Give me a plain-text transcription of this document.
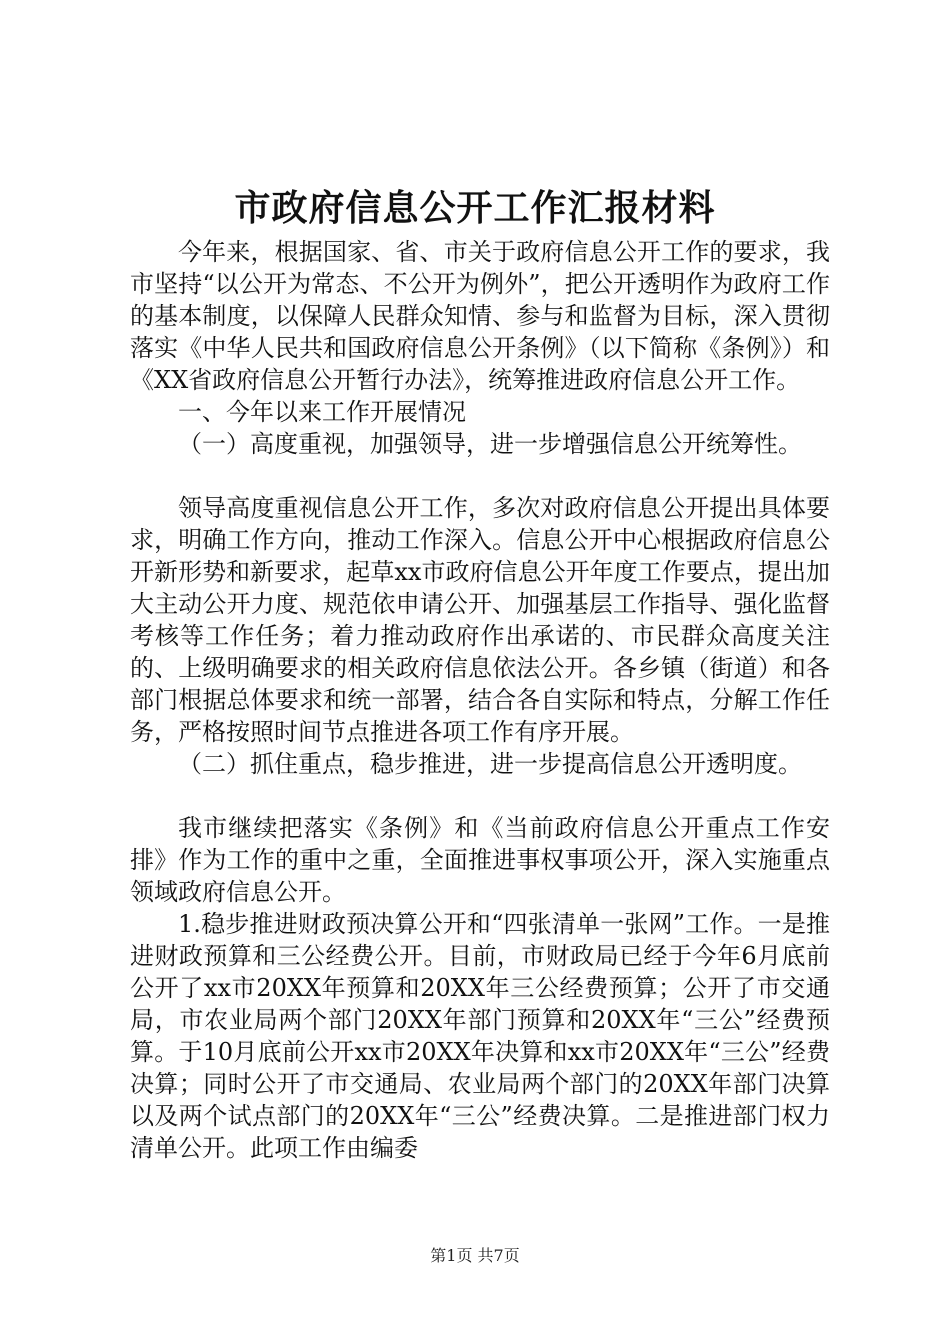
市政府信息公开工作汇报材料

今年来，根据国家、省、市关于政府信息公开工作的要求，我市坚持“以公开为常态、不公开为例外”，把公开透明作为政府工作的基本制度，以保障人民群众知情、参与和监督为目标，深入贯彻落实《中华人民共和国政府信息公开条例》（以下简称《条例》）和《XX省政府信息公开暂行办法》，统筹推进政府信息公开工作。

一、今年以来工作开展情况

（一）高度重视，加强领导，进一步增强信息公开统筹性。

领导高度重视信息公开工作，多次对政府信息公开提出具体要求，明确工作方向，推动工作深入。信息公开中心根据政府信息公开新形势和新要求，起草xx市政府信息公开年度工作要点，提出加大主动公开力度、规范依申请公开、加强基层工作指导、强化监督考核等工作任务；着力推动政府作出承诺的、市民群众高度关注的、上级明确要求的相关政府信息依法公开。各乡镇（街道）和各部门根据总体要求和统一部署，结合各自实际和特点，分解工作任务，严格按照时间节点推进各项工作有序开展。

（二）抓住重点，稳步推进，进一步提高信息公开透明度。

我市继续把落实《条例》和《当前政府信息公开重点工作安排》作为工作的重中之重，全面推进事权事项公开，深入实施重点领域政府信息公开。

1.稳步推进财政预决算公开和“四张清单一张网”工作。一是推进财政预算和三公经费公开。目前，市财政局已经于今年6月底前公开了xx市20XX年预算和20XX年三公经费预算；公开了市交通局，市农业局两个部门20XX年部门预算和20XX年“三公”经费预算。于10月底前公开xx市20XX年决算和xx市20XX年“三公”经费决算；同时公开了市交通局、农业局两个部门的20XX年部门决算以及两个试点部门的20XX年“三公”经费决算。二是推进部门权力清单公开。此项工作由编委

第1页 共7页
